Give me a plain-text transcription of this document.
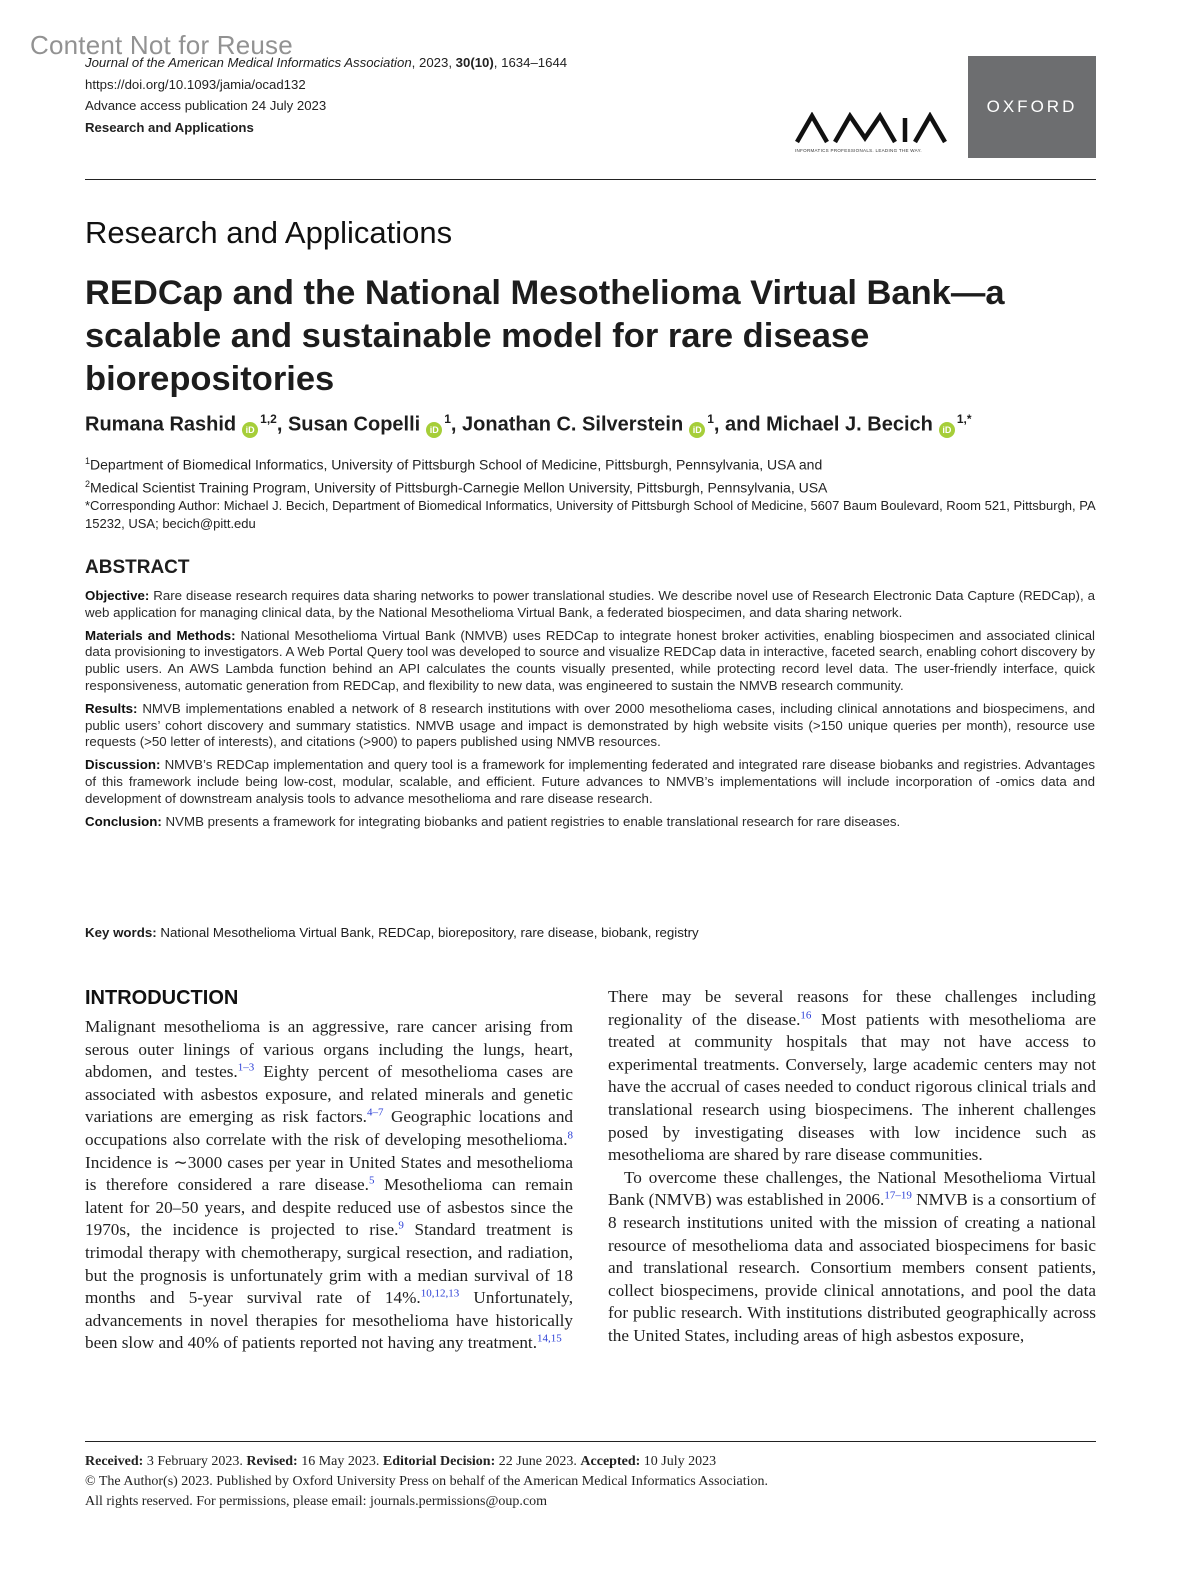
Content Not for Reuse
Journal of the American Medical Informatics Association, 2023, 30(10), 1634–1644
https://doi.org/10.1093/jamia/ocad132
Advance access publication 24 July 2023
Research and Applications
INFORMATICS PROFESSIONALS. LEADING THE WAY.
OXFORD
Research and Applications
REDCap and the National Mesothelioma Virtual Bank—a scalable and sustainable model for rare disease biorepositories
Rumana Rashid iD$^{1,2}$, Susan Copelli $iD^1$, Jonathan C. Silverstein $iD^1$, and Michael J. Becich $iD^{1,*}$
$^1$Department of Biomedical Informatics, University of Pittsburgh School of Medicine, Pittsburgh, Pennsylvania, USA and
$^2$Medical Scientist Training Program, University of Pittsburgh-Carnegie Mellon University, Pittsburgh, Pennsylvania, USA
*Corresponding Author: Michael J. Becich, Department of Biomedical Informatics, University of Pittsburgh School of Medicine, 5607 Baum Boulevard, Room 521, Pittsburgh, PA 15232, USA; becich@pitt.edu
ABSTRACT

Objective: Rare disease research requires data sharing networks to power translational studies. We describe novel use of Research Electronic Data Capture (REDCap), a web application for managing clinical data, by the National Mesothelioma Virtual Bank, a federated biospecimen, and data sharing network.

Materials and Methods: National Mesothelioma Virtual Bank (NMVB) uses REDCap to integrate honest broker activities, enabling biospecimen and associated clinical data provisioning to investigators. A Web Portal Query tool was developed to source and visualize REDCap data in interactive, faceted search, enabling cohort discovery by public users. An AWS Lambda function behind an API calculates the counts visually presented, while protecting record level data. The user-friendly interface, quick responsiveness, automatic generation from REDCap, and flexibility to new data, was engineered to sustain the NMVB research community.

Results: NMVB implementations enabled a network of 8 research institutions with over 2000 mesothelioma cases, including clinical annotations and biospecimens, and public users’ cohort discovery and summary statistics. NMVB usage and impact is demonstrated by high website visits (>150 unique queries per month), resource use requests (>50 letter of interests), and citations (>900) to papers published using NMVB resources.

Discussion: NMVB’s REDCap implementation and query tool is a framework for implementing federated and integrated rare disease biobanks and registries. Advantages of this framework include being low-cost, modular, scalable, and efficient. Future advances to NMVB’s implementations will include incorporation of -omics data and development of downstream analysis tools to advance mesothelioma and rare disease research.

Conclusion: NVMB presents a framework for integrating biobanks and patient registries to enable translational research for rare diseases.

Key words: National Mesothelioma Virtual Bank, REDCap, biorepository, rare disease, biobank, registry
INTRODUCTION

Malignant mesothelioma is an aggressive, rare cancer arising from serous outer linings of various organs including the lungs, heart, abdomen, and testes.$^{1-3}$ Eighty percent of mesothelioma cases are associated with asbestos exposure, and related minerals and genetic variations are emerging as risk factors.$^{4-7}$ Geographic locations and occupations also correlate with the risk of developing mesothelioma.$^8$ Incidence is ∼3000 cases per year in United States and mesothelioma is therefore considered a rare disease.$^5$ Mesothelioma can remain latent for 20–50 years, and despite reduced use of asbestos since the 1970s, the incidence is projected to rise.$^9$ Standard treatment is trimodal therapy with chemotherapy, surgical resection, and radiation, but the prognosis is unfortunately grim with a median survival of 18 months and 5-year survival rate of 14%.$^{10,12,13}$ Unfortunately, advancements in novel therapies for mesothelioma have historically been slow and 40% of patients reported not having any treatment.$^{14,15}$

There may be several reasons for these challenges including regionality of the disease.$^{16}$ Most patients with mesothelioma are treated at community hospitals that may not have access to experimental treatments. Conversely, large academic centers may not have the accrual of cases needed to conduct rigorous clinical trials and translational research using biospecimens. The inherent challenges posed by investigating diseases with low incidence such as mesothelioma are shared by rare disease communities.

To overcome these challenges, the National Mesothelioma Virtual Bank (NMVB) was established in 2006.$^{17-19}$ NMVB is a consortium of 8 research institutions united with the mission of creating a national resource of mesothelioma data and associated biospecimens for basic and translational research. Consortium members consent patients, collect biospecimens, provide clinical annotations, and pool the data for public research. With institutions distributed geographically across the United States, including areas of high asbestos exposure,

Received: 3 February 2023. Revised: 16 May 2023. Editorial Decision: 22 June 2023. Accepted: 10 July 2023
© The Author(s) 2023. Published by Oxford University Press on behalf of the American Medical Informatics Association.
All rights reserved. For permissions, please email: journals.permissions@oup.com
